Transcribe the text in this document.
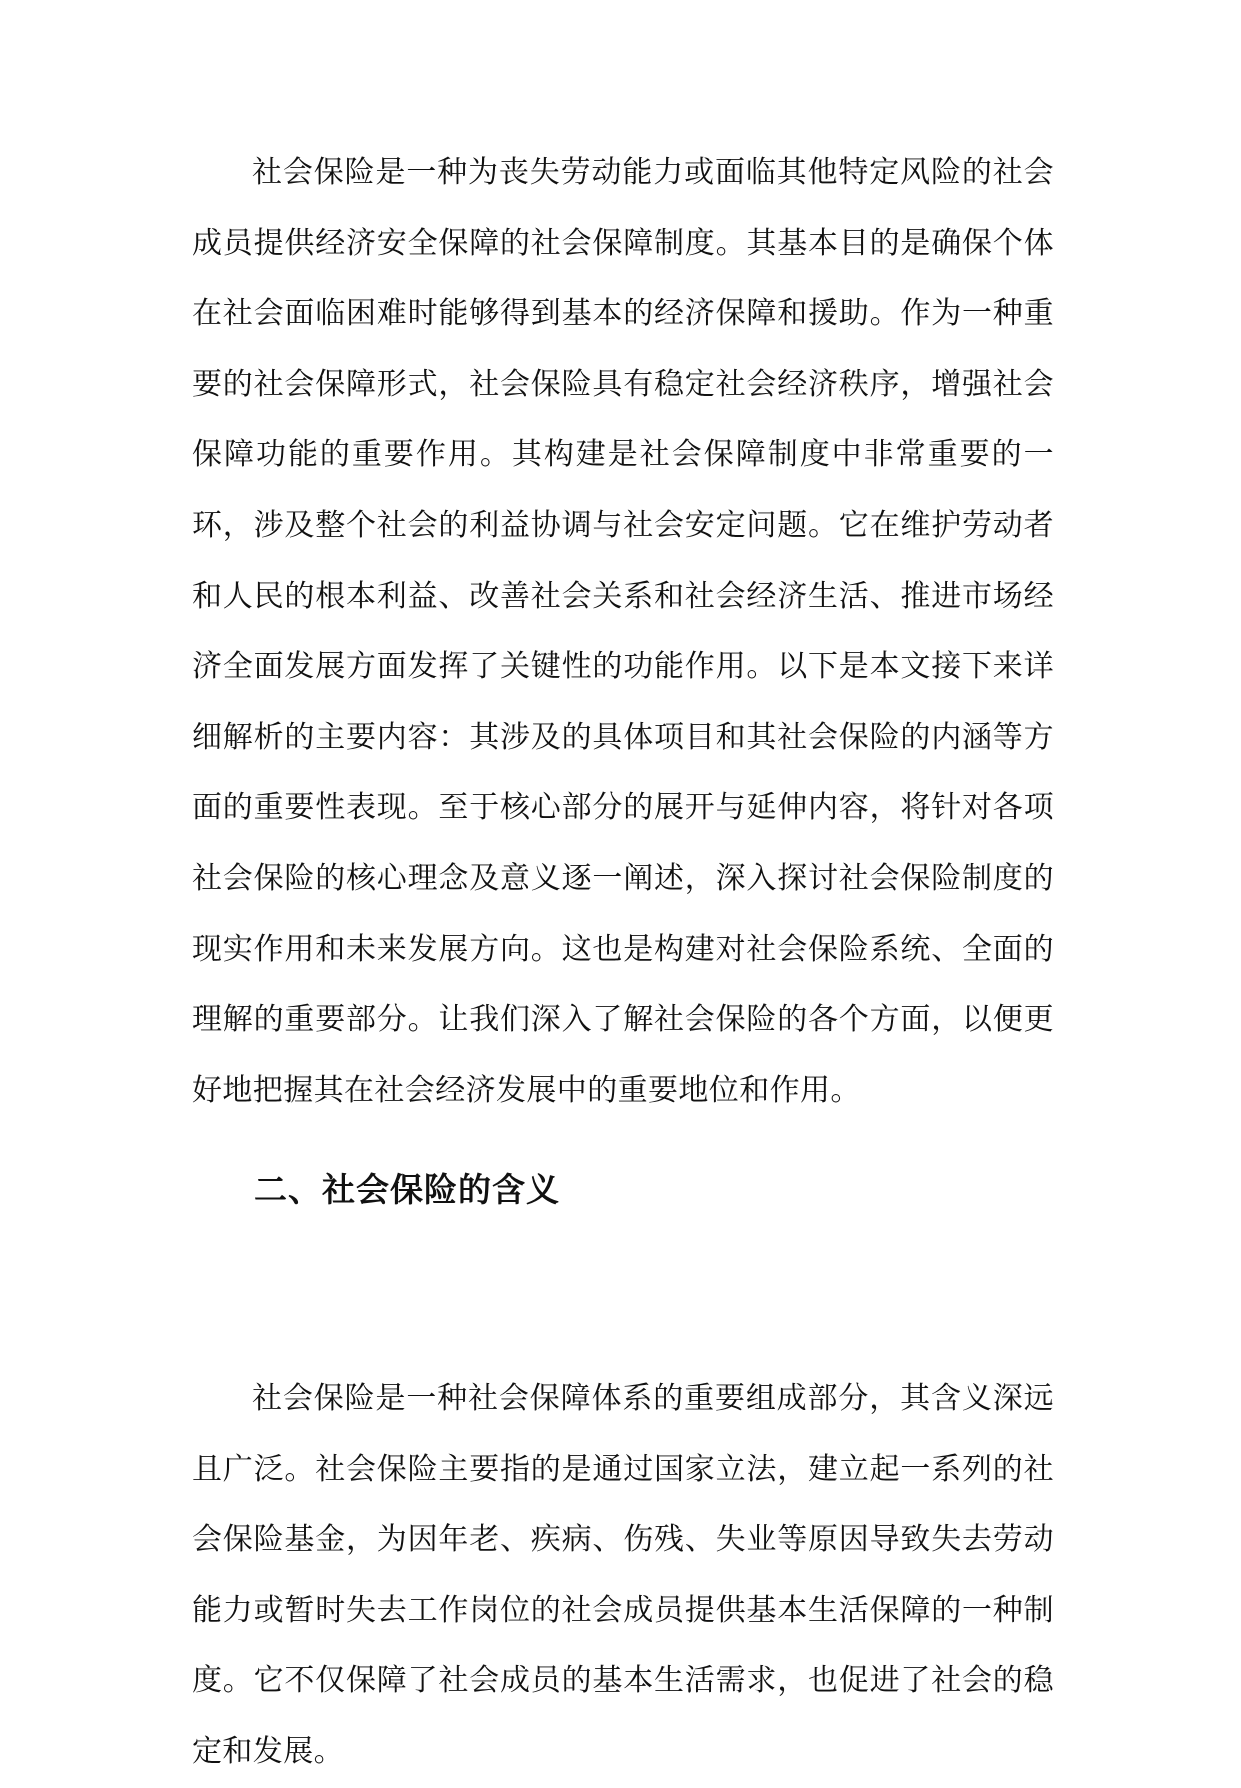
社会保险是一种为丧失劳动能力或面临其他特定风险的社会成员提供经济安全保障的社会保障制度。其基本目的是确保个体在社会面临困难时能够得到基本的经济保障和援助。作为一种重要的社会保障形式，社会保险具有稳定社会经济秩序，增强社会保障功能的重要作用。其构建是社会保障制度中非常重要的一环，涉及整个社会的利益协调与社会安定问题。它在维护劳动者和人民的根本利益、改善社会关系和社会经济生活、推进市场经济全面发展方面发挥了关键性的功能作用。以下是本文接下来详细解析的主要内容：其涉及的具体项目和其社会保险的内涵等方面的重要性表现。至于核心部分的展开与延伸内容，将针对各项社会保险的核心理念及意义逐一阐述，深入探讨社会保险制度的现实作用和未来发展方向。这也是构建对社会保险系统、全面的理解的重要部分。让我们深入了解社会保险的各个方面，以便更好地把握其在社会经济发展中的重要地位和作用。

二、社会保险的含义

社会保险是一种社会保障体系的重要组成部分，其含义深远且广泛。社会保险主要指的是通过国家立法，建立起一系列的社会保险基金，为因年老、疾病、伤残、失业等原因导致失去劳动能力或暂时失去工作岗位的社会成员提供基本生活保障的一种制度。它不仅保障了社会成员的基本生活需求，也促进了社会的稳定和发展。
